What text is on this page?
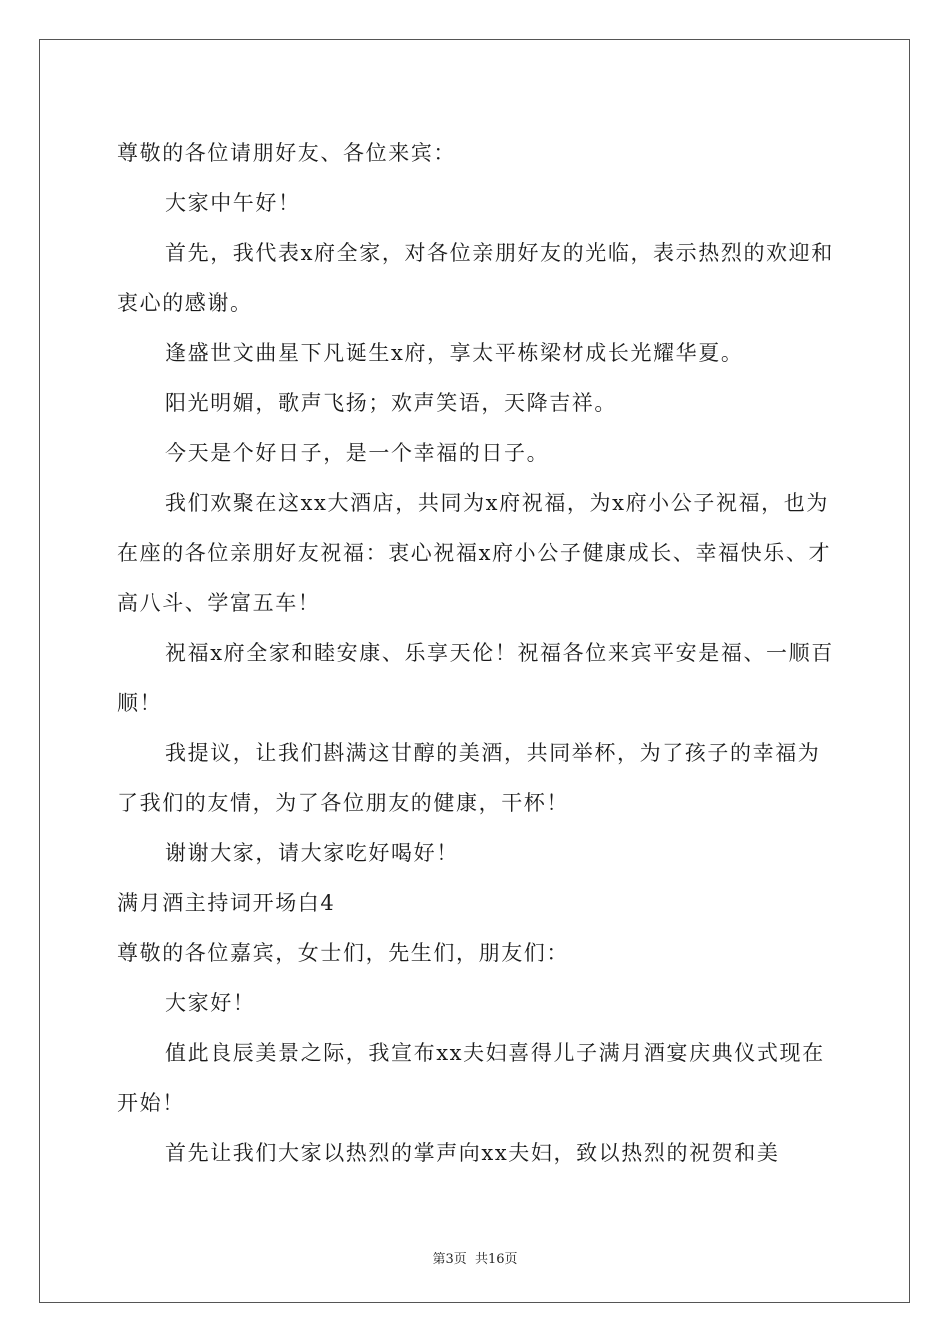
尊敬的各位请朋好友、各位来宾：

大家中午好！

首先，我代表x府全家，对各位亲朋好友的光临，表示热烈的欢迎和衷心的感谢。

逢盛世文曲星下凡诞生x府，享太平栋梁材成长光耀华夏。

阳光明媚，歌声飞扬；欢声笑语，天降吉祥。

今天是个好日子，是一个幸福的日子。

我们欢聚在这xx大酒店，共同为x府祝福，为x府小公子祝福，也为在座的各位亲朋好友祝福：衷心祝福x府小公子健康成长、幸福快乐、才高八斗、学富五车！

祝福x府全家和睦安康、乐享天伦！祝福各位来宾平安是福、一顺百顺！

我提议，让我们斟满这甘醇的美酒，共同举杯，为了孩子的幸福为了我们的友情，为了各位朋友的健康，干杯！

谢谢大家，请大家吃好喝好！

满月酒主持词开场白4

尊敬的各位嘉宾，女士们，先生们，朋友们：

大家好！

值此良辰美景之际，我宣布xx夫妇喜得儿子满月酒宴庆典仪式现在开始！

首先让我们大家以热烈的掌声向xx夫妇，致以热烈的祝贺和美

第3页 共16页
